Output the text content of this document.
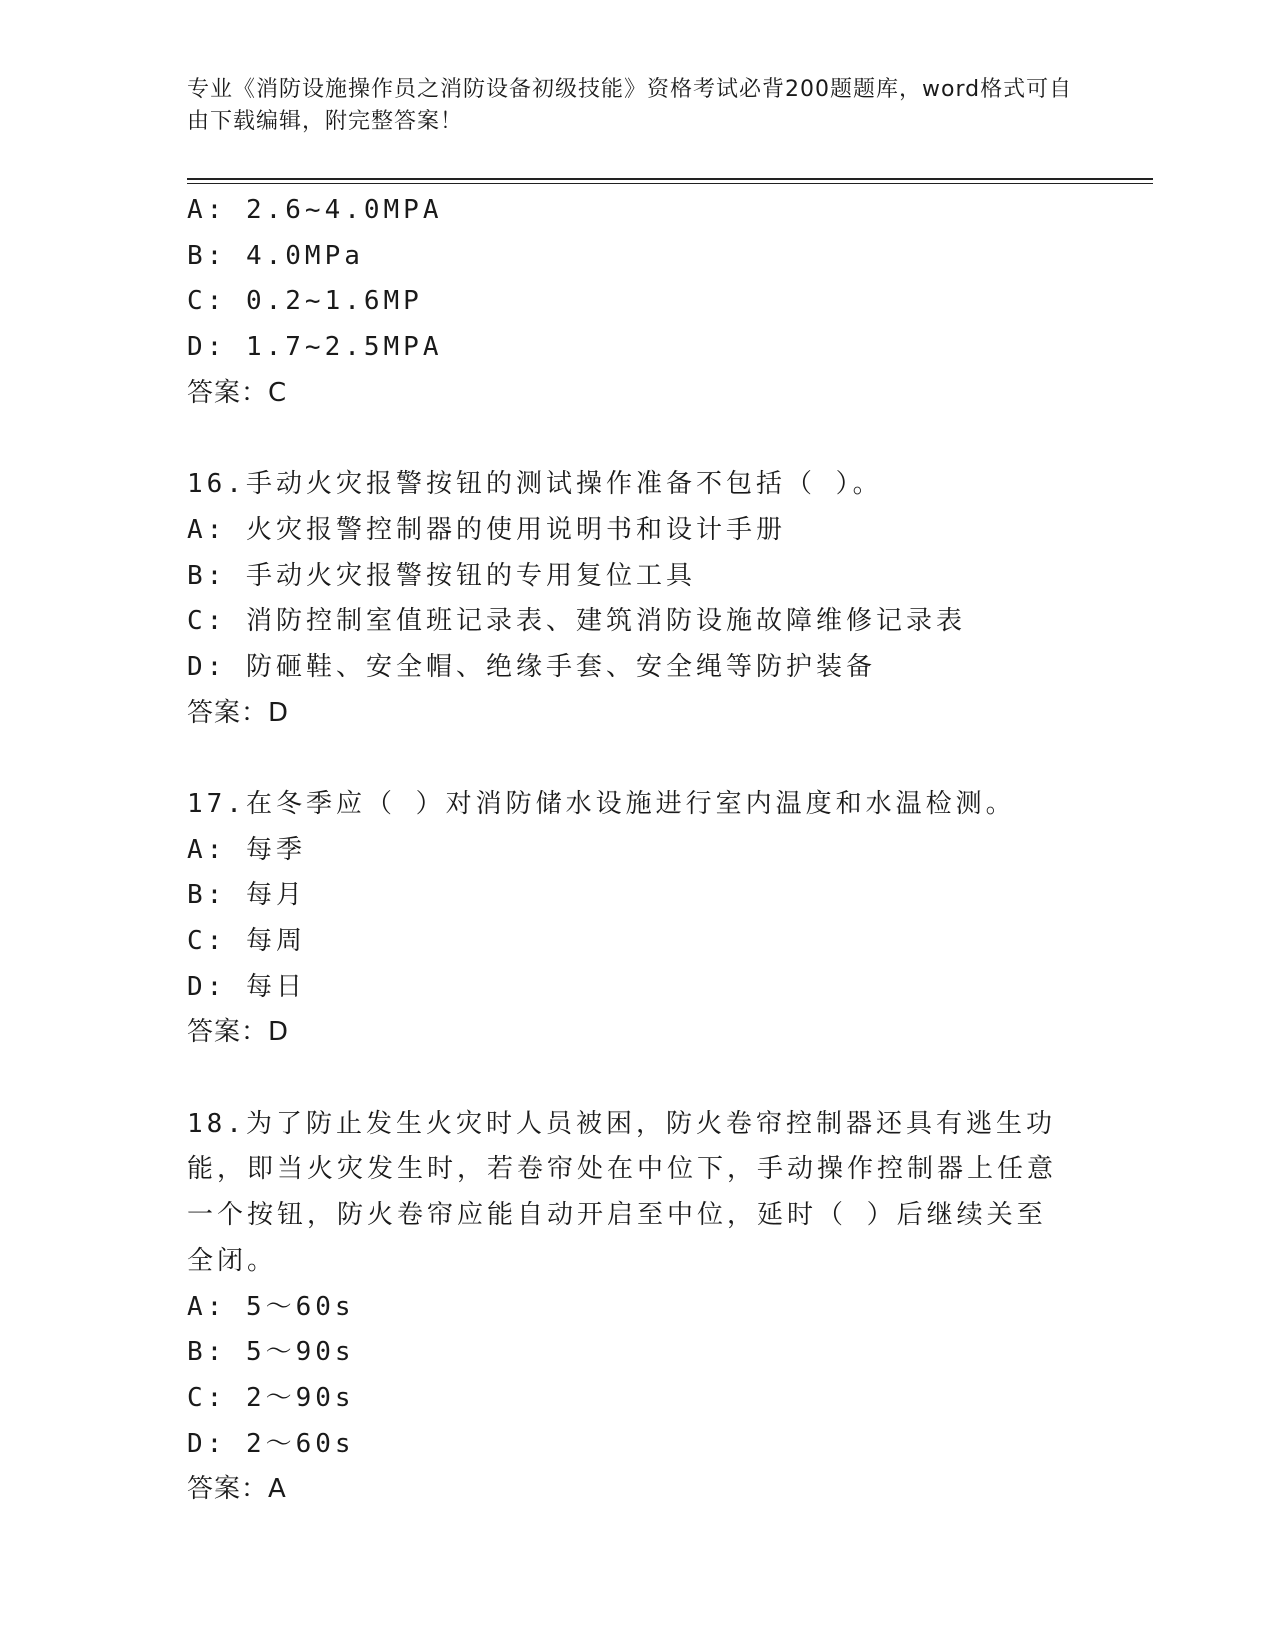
专业《消防设施操作员之消防设备初级技能》资格考试必背200题题库，word格式可自由下载编辑，附完整答案！
A: 2.6~4.0MPA
B: 4.0MPa
C: 0.2~1.6MP
D: 1.7~2.5MPA
答案：C
16.手动火灾报警按钮的测试操作准备不包括（ ）。
A: 火灾报警控制器的使用说明书和设计手册
B: 手动火灾报警按钮的专用复位工具
C: 消防控制室值班记录表、建筑消防设施故障维修记录表
D: 防砸鞋、安全帽、绝缘手套、安全绳等防护装备
答案：D
17.在冬季应（ ）对消防储水设施进行室内温度和水温检测。
A: 每季
B: 每月
C: 每周
D: 每日
答案：D
18.为了防止发生火灾时人员被困，防火卷帘控制器还具有逃生功能，即当火灾发生时，若卷帘处在中位下，手动操作控制器上任意一个按钮，防火卷帘应能自动开启至中位，延时（ ）后继续关至全闭。
A: 5～60s
B: 5～90s
C: 2～90s
D: 2～60s
答案：A
